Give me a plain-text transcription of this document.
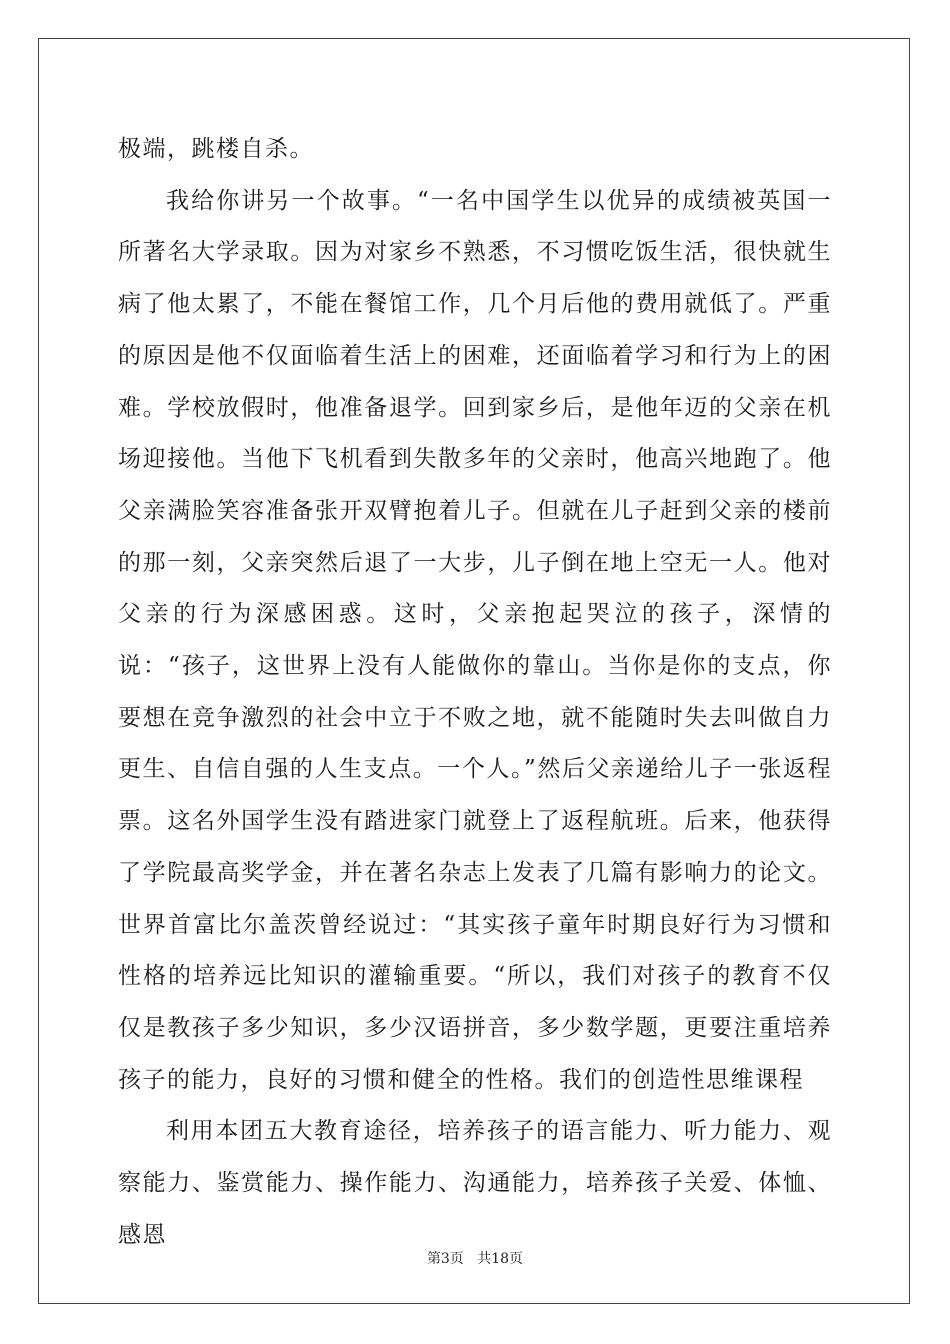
极端，跳楼自杀。

我给你讲另一个故事。“一名中国学生以优异的成绩被英国一所著名大学录取。因为对家乡不熟悉，不习惯吃饭生活，很快就生病了他太累了，不能在餐馆工作，几个月后他的费用就低了。严重的原因是他不仅面临着生活上的困难，还面临着学习和行为上的困难。学校放假时，他准备退学。回到家乡后，是他年迈的父亲在机场迎接他。当他下飞机看到失散多年的父亲时，他高兴地跑了。他父亲满脸笑容准备张开双臂抱着儿子。但就在儿子赶到父亲的楼前的那一刻，父亲突然后退了一大步，儿子倒在地上空无一人。他对父亲的行为深感困惑。这时，父亲抱起哭泣的孩子，深情的说：“孩子，这世界上没有人能做你的靠山。当你是你的支点，你要想在竞争激烈的社会中立于不败之地，就不能随时失去叫做自力更生、自信自强的人生支点。一个人。”然后父亲递给儿子一张返程票。这名外国学生没有踏进家门就登上了返程航班。后来，他获得了学院最高奖学金，并在著名杂志上发表了几篇有影响力的论文。世界首富比尔盖茨曾经说过：“其实孩子童年时期良好行为习惯和性格的培养远比知识的灌输重要。“所以，我们对孩子的教育不仅仅是教孩子多少知识，多少汉语拼音，多少数学题，更要注重培养孩子的能力，良好的习惯和健全的性格。我们的创造性思维课程

利用本团五大教育途径，培养孩子的语言能力、听力能力、观察能力、鉴赏能力、操作能力、沟通能力，培养孩子关爱、体恤、感恩

第3页 共18页
